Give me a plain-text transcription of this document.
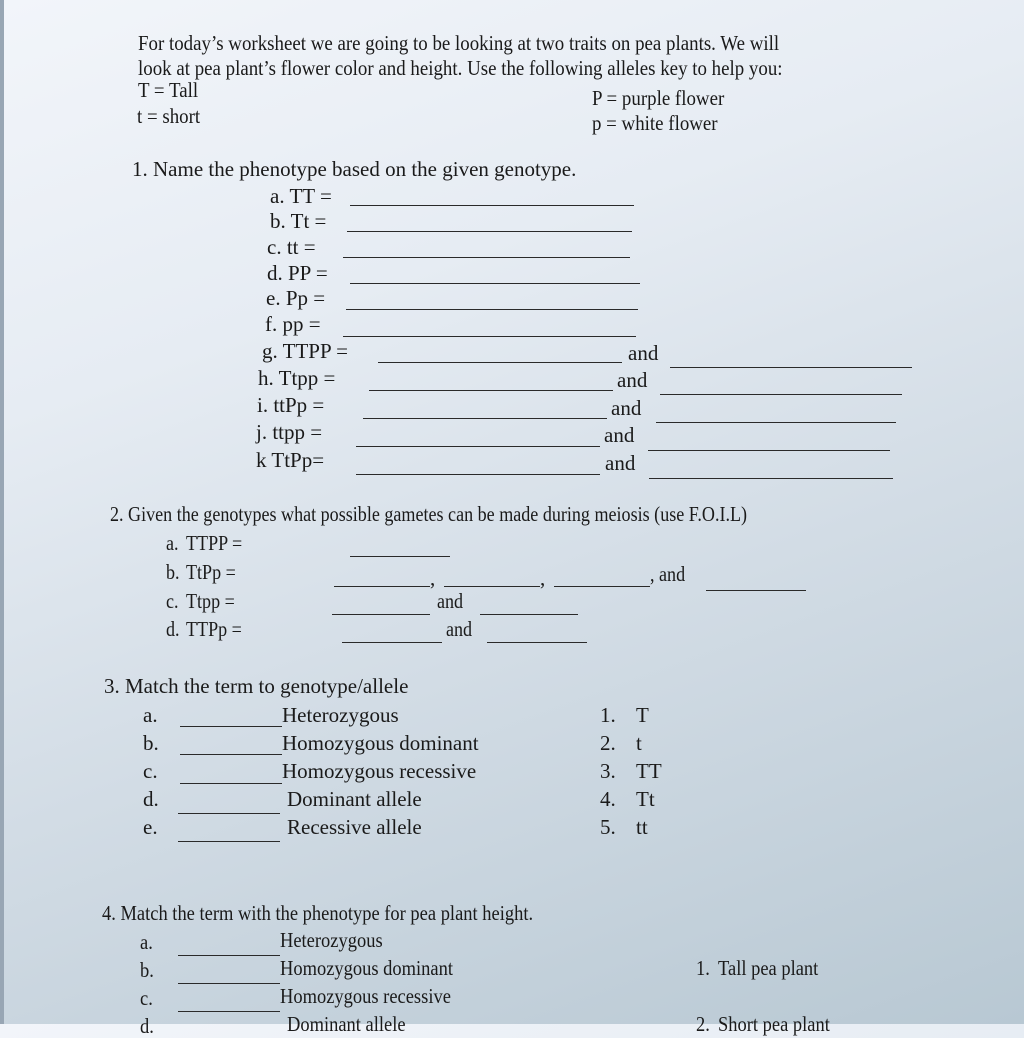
For today’s worksheet we are going to be looking at two traits on pea plants. We will
look at pea plant’s flower color and height. Use the following alleles key to help you:
T = Tall
t = short
P = purple flower
p = white flower
1. Name the phenotype based on the given genotype.
a. TT =
b. Tt =
c. tt =
d. PP =
e. Pp =
f. pp =
g. TTPP =	and
h. Ttpp =	and
i. ttPp =	and
j. ttpp =	and
k TtPp=	and
2. Given the genotypes what possible gametes can be made during meiosis (use F.O.I.L)
a. TTPP =
b. TtPp =	,	,	, and
c. Ttpp =	and
d. TTPp =	and
3. Match the term to genotype/allele
a.	Heterozygous
b.	Homozygous dominant
c.	Homozygous recessive
d.	Dominant allele
e.	Recessive allele
1. T
2. t
3. TT
4. Tt
5. tt
4. Match the term with the phenotype for pea plant height.
a.	Heterozygous
b.	Homozygous dominant
c.	Homozygous recessive
d.	Dominant allele
1. Tall pea plant
2. Short pea plant
